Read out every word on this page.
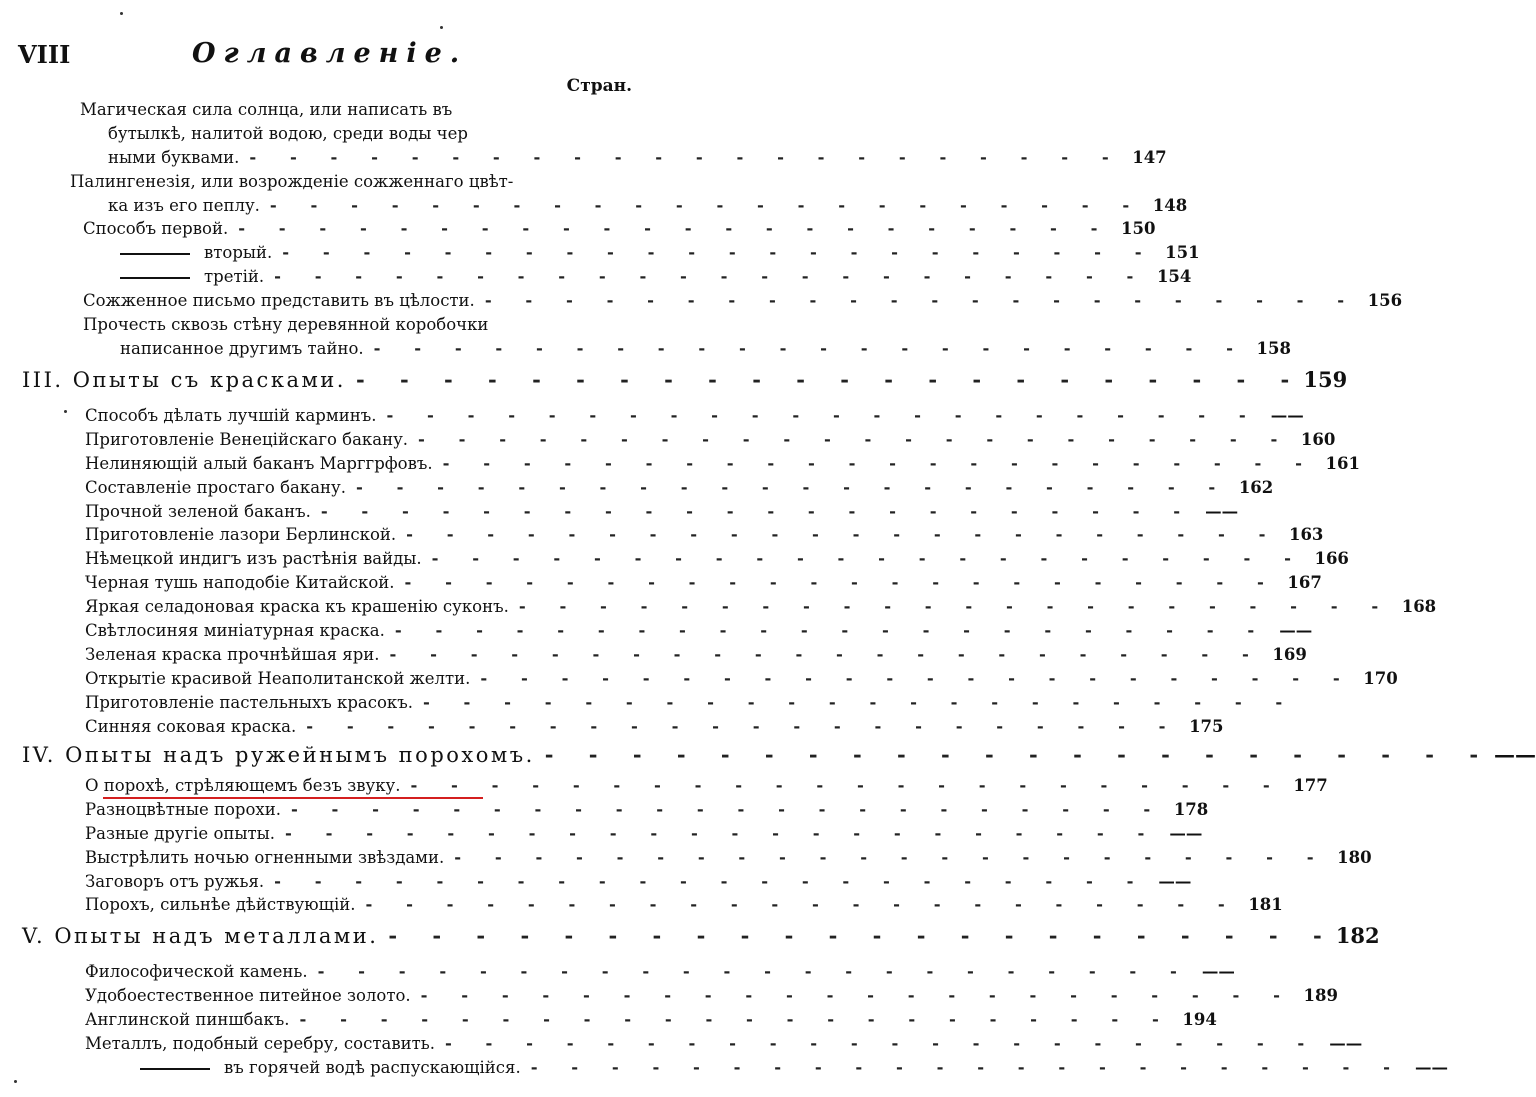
VIII	Оглавленіе.
Стран.
Магическая сила солнца, или написать въ
бутылкѣ, налитой водою, среди воды чер
ными буквами. - - - - - - - - - - - - - - - - - - - - - - 147
Палингенезія, или возрожденіе сожженнаго цвѣт-
ка изъ его пеплу. - - - - - - - - - - - - - - - - - - - - - - 148
Способъ первой. - - - - - - - - - - - - - - - - - - - - - - 150
вторый. - - - - - - - - - - - - - - - - - - - - - - 151
третій. - - - - - - - - - - - - - - - - - - - - - - 154
Сожженное письмо представить въ цѣлости. - - - - - - - - - - - - - - - - - - - - - - 156
Прочесть сквозь стѣну деревянной коробочки
написанное другимъ тайно. - - - - - - - - - - - - - - - - - - - - - - 158
III. Опыты съ красками. - - - - - - - - - - - - - - - - - - - - - - 159
Способъ дѣлать лучшій карминъ. - - - - - - - - - - - - - - - - - - - - - - ——
Приготовленіе Венецiйскаго бакану. - - - - - - - - - - - - - - - - - - - - - - 160
Нелиняющій алый баканъ Марггрфовъ. - - - - - - - - - - - - - - - - - - - - - - 161
Составленіе простаго бакану. - - - - - - - - - - - - - - - - - - - - - - 162
Прочной зеленой баканъ. - - - - - - - - - - - - - - - - - - - - - - ——
Приготовленіе лазори Берлинской. - - - - - - - - - - - - - - - - - - - - - - 163
Нѣмецкой индигъ изъ растѣнія вайды. - - - - - - - - - - - - - - - - - - - - - - 166
Черная тушь наподобіе Китайской. - - - - - - - - - - - - - - - - - - - - - - 167
Яркая селадоновая краска къ крашенію суконъ. - - - - - - - - - - - - - - - - - - - - - - 168
Свѣтлосиняя миніатурная краска. - - - - - - - - - - - - - - - - - - - - - - ——
Зеленая краска прочнѣйшая яри. - - - - - - - - - - - - - - - - - - - - - - 169
Открытіе красивой Неаполитанской желти. - - - - - - - - - - - - - - - - - - - - - - 170
Приготовленіе пастельныхъ красокъ. - - - - - - - - - - - - - - - - - - - - - -
Синняя соковая краска. - - - - - - - - - - - - - - - - - - - - - - 175
IV. Опыты надъ ружейнымъ порохомъ. - - - - - - - - - - - - - - - - - - - - - - ——
О порохѣ, стрѣляющемъ безъ звуку. - - - - - - - - - - - - - - - - - - - - - - 177
Разноцвѣтные порохи. - - - - - - - - - - - - - - - - - - - - - - 178
Разные другіе опыты. - - - - - - - - - - - - - - - - - - - - - - ——
Выстрѣлить ночью огненными звѣздами. - - - - - - - - - - - - - - - - - - - - - - 180
Заговоръ отъ ружья. - - - - - - - - - - - - - - - - - - - - - - ——
Порохъ, сильнѣе дѣйствующій. - - - - - - - - - - - - - - - - - - - - - - 181
V. Опыты надъ металлами. - - - - - - - - - - - - - - - - - - - - - - 182
Философической камень. - - - - - - - - - - - - - - - - - - - - - - ——
Удобоестественное питейное золото. - - - - - - - - - - - - - - - - - - - - - - 189
Англинской пиншбакъ. - - - - - - - - - - - - - - - - - - - - - - 194
Металлъ, подобный серебру, составить. - - - - - - - - - - - - - - - - - - - - - - ——
въ горячей водѣ распускающійся. - - - - - - - - - - - - - - - - - - - - - - ——
